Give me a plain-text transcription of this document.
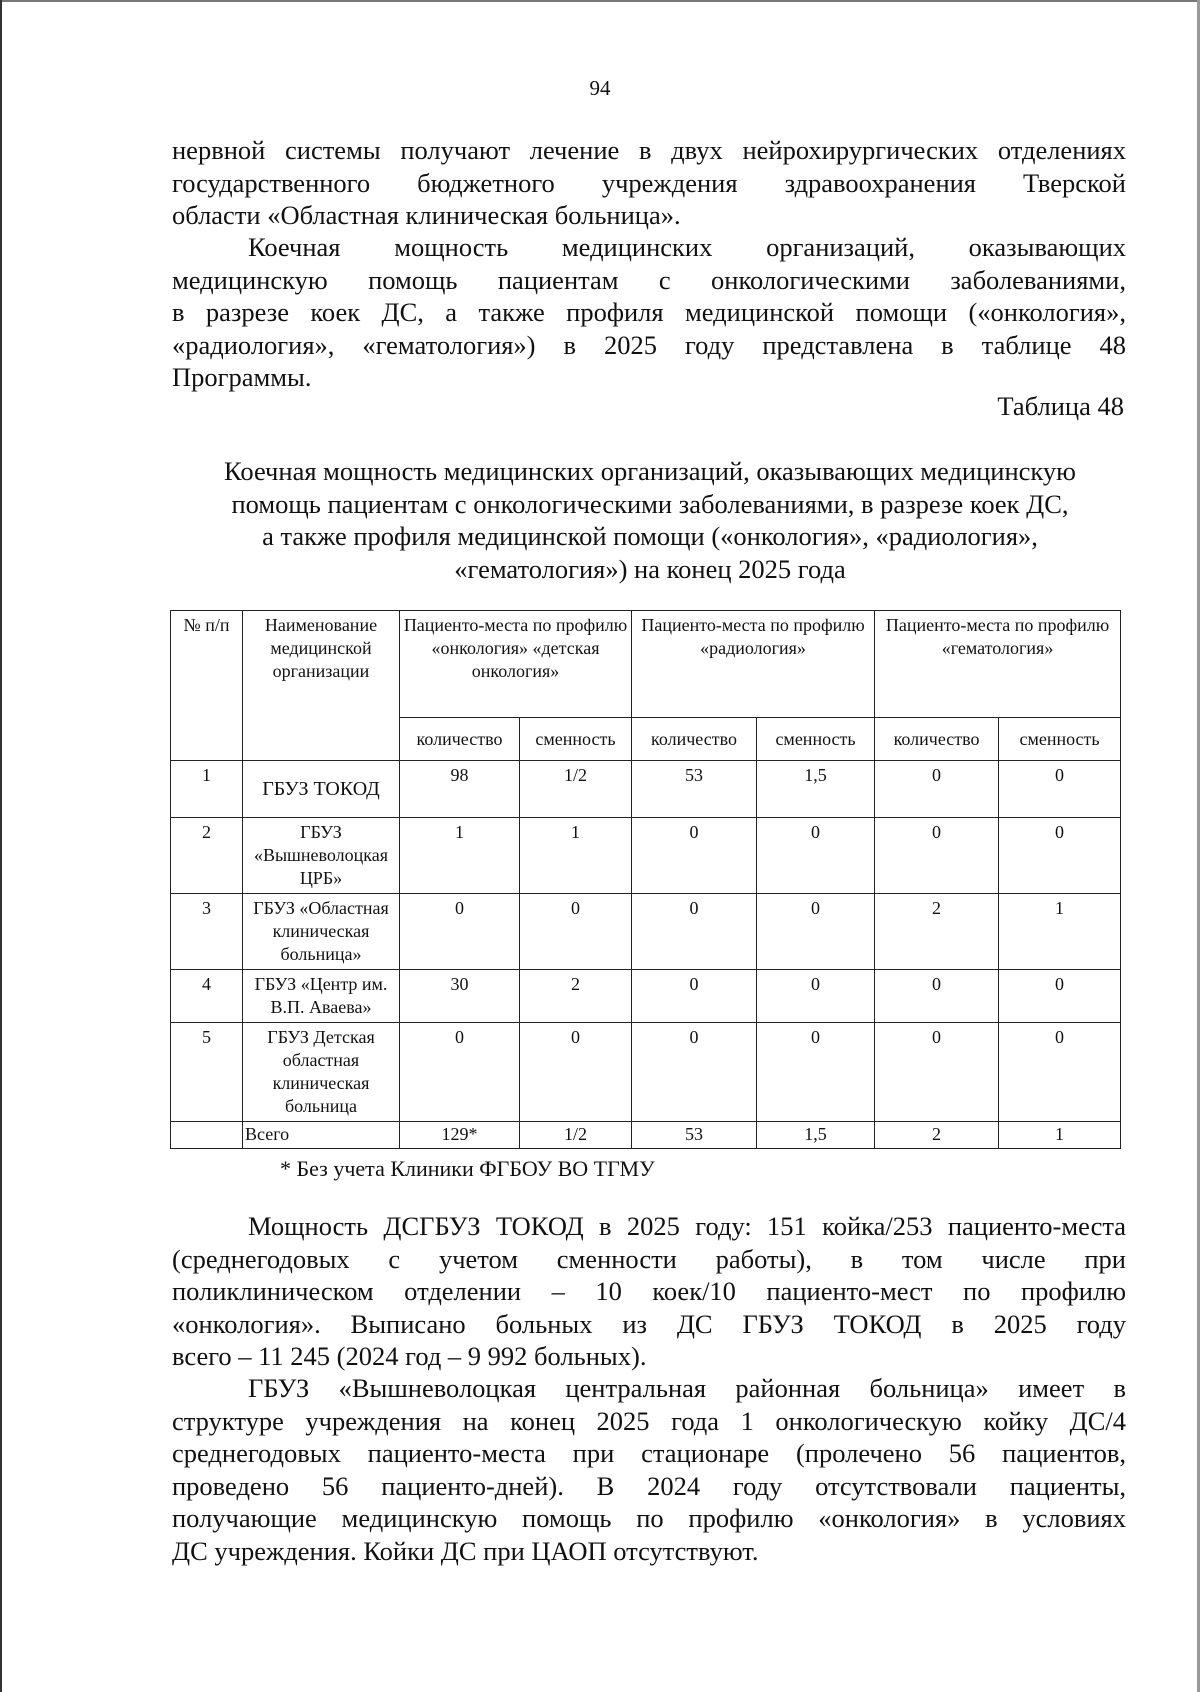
94
нервной системы получают лечение в двух нейрохирургических отделениях
государственного бюджетного учреждения здравоохранения Тверской
области «Областная клиническая больница».
Коечная мощность медицинских организаций, оказывающих
медицинскую помощь пациентам с онкологическими заболеваниями,
в разрезе коек ДС, а также профиля медицинской помощи («онкология»,
«радиология», «гематология») в 2025 году представлена в таблице 48
Программы.
Таблица 48
Коечная мощность медицинских организаций, оказывающих медицинскую
помощь пациентам с онкологическими заболеваниями, в разрезе коек ДС,
а также профиля медицинской помощи («онкология», «радиология»,
«гематология») на конец 2025 года
№ п/п	Наименование медицинской организации	Пациенто-места по профилю «онкология» «детская онкология»		Пациенто-места по профилю «радиология»		Пациенто-места по профилю «гематология»	
		количество	сменность	количество	сменность	количество	сменность
1	ГБУЗ ТОКОД	98	1/2	53	1,5	0	0
2	ГБУЗ «Вышневолоцкая ЦРБ»	1	1	0	0	0	0
3	ГБУЗ «Областная клиническая больница»	0	0	0	0	2	1
4	ГБУЗ «Центр им. В.П. Аваева»	30	2	0	0	0	0
5	ГБУЗ Детская областная клиническая больница	0	0	0	0	0	0
	Всего	129*	1/2	53	1,5	2	1
* Без учета Клиники ФГБОУ ВО ТГМУ
Мощность ДСГБУЗ ТОКОД в 2025 году: 151 койка/253 пациенто-места
(среднегодовых с учетом сменности работы), в том числе при
поликлиническом отделении – 10 коек/10 пациенто-мест по профилю
«онкология». Выписано больных из ДС ГБУЗ ТОКОД в 2025 году
всего – 11 245 (2024 год – 9 992 больных).
ГБУЗ «Вышневолоцкая центральная районная больница» имеет в
структуре учреждения на конец 2025 года 1 онкологическую койку ДС/4
среднегодовых пациенто-места при стационаре (пролечено 56 пациентов,
проведено 56 пациенто-дней). В 2024 году отсутствовали пациенты,
получающие медицинскую помощь по профилю «онкология» в условиях
ДС учреждения. Койки ДС при ЦАОП отсутствуют.
